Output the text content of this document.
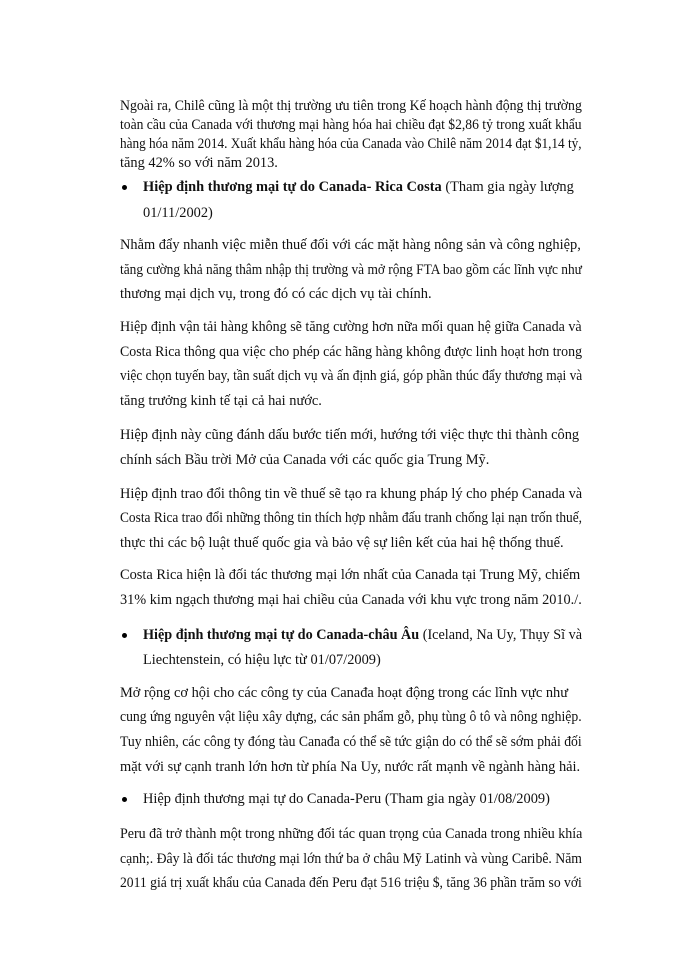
Ngoài ra, Chilê cũng là một thị trường ưu tiên trong Kế hoạch hành động thị trường

toàn cầu của Canada với thương mại hàng hóa hai chiều đạt $2,86 tỷ trong xuất khẩu

hàng hóa năm 2014. Xuất khẩu hàng hóa của Canada vào Chilê năm 2014 đạt $1,14 tỷ,

tăng 42% so với năm 2013.

Hiệp định thương mại tự do Canada- Rica Costa (Tham gia ngày lượng

01/11/2002)

Nhằm đẩy nhanh việc miễn thuế đối với các mặt hàng nông sản và công nghiệp,

tăng cường khả năng thâm nhập thị trường và mở rộng FTA bao gồm các lĩnh vực như

thương mại dịch vụ, trong đó có các dịch vụ tài chính.

Hiệp định vận tải hàng không sẽ tăng cường hơn nữa mối quan hệ giữa Canada và

Costa Rica thông qua việc cho phép các hãng hàng không được linh hoạt hơn trong

việc chọn tuyến bay, tần suất dịch vụ và ấn định giá, góp phần thúc đẩy thương mại và

tăng trưởng kinh tế tại cả hai nước.

Hiệp định này cũng đánh dấu bước tiến mới, hướng tới việc thực thi thành công

chính sách Bầu trời Mở của Canada với các quốc gia Trung Mỹ.

Hiệp định trao đổi thông tin về thuế sẽ tạo ra khung pháp lý cho phép Canada và

Costa Rica trao đổi những thông tin thích hợp nhằm đấu tranh chống lại nạn trốn thuế,

thực thi các bộ luật thuế quốc gia và bảo vệ sự liên kết của hai hệ thống thuế.

Costa Rica hiện là đối tác thương mại lớn nhất của Canada tại Trung Mỹ, chiếm

31% kim ngạch thương mại hai chiều của Canada với khu vực trong năm 2010./.

Hiệp định thương mại tự do Canada-châu Âu (Iceland, Na Uy, Thụy Sĩ và

Liechtenstein, có hiệu lực từ 01/07/2009)

Mở rộng cơ hội cho các công ty của Canađa hoạt động trong các lĩnh vực như

cung ứng nguyên vật liệu xây dựng, các sản phẩm gỗ, phụ tùng ô tô và nông nghiệp.

Tuy nhiên, các công ty đóng tàu Canađa có thể sẽ tức giận do có thể sẽ sớm phải đối

mặt với sự cạnh tranh lớn hơn từ phía Na Uy, nước rất mạnh về ngành hàng hải.

Hiệp định thương mại tự do Canada-Peru (Tham gia ngày 01/08/2009)

Peru đã trở thành một trong những đối tác quan trọng của Canada trong nhiều khía

cạnh;. Đây là đối tác thương mại lớn thứ ba ở châu Mỹ Latinh và vùng Caribê. Năm

2011 giá trị xuất khẩu của Canada đến Peru đạt 516 triệu $, tăng 36 phần trăm so với
